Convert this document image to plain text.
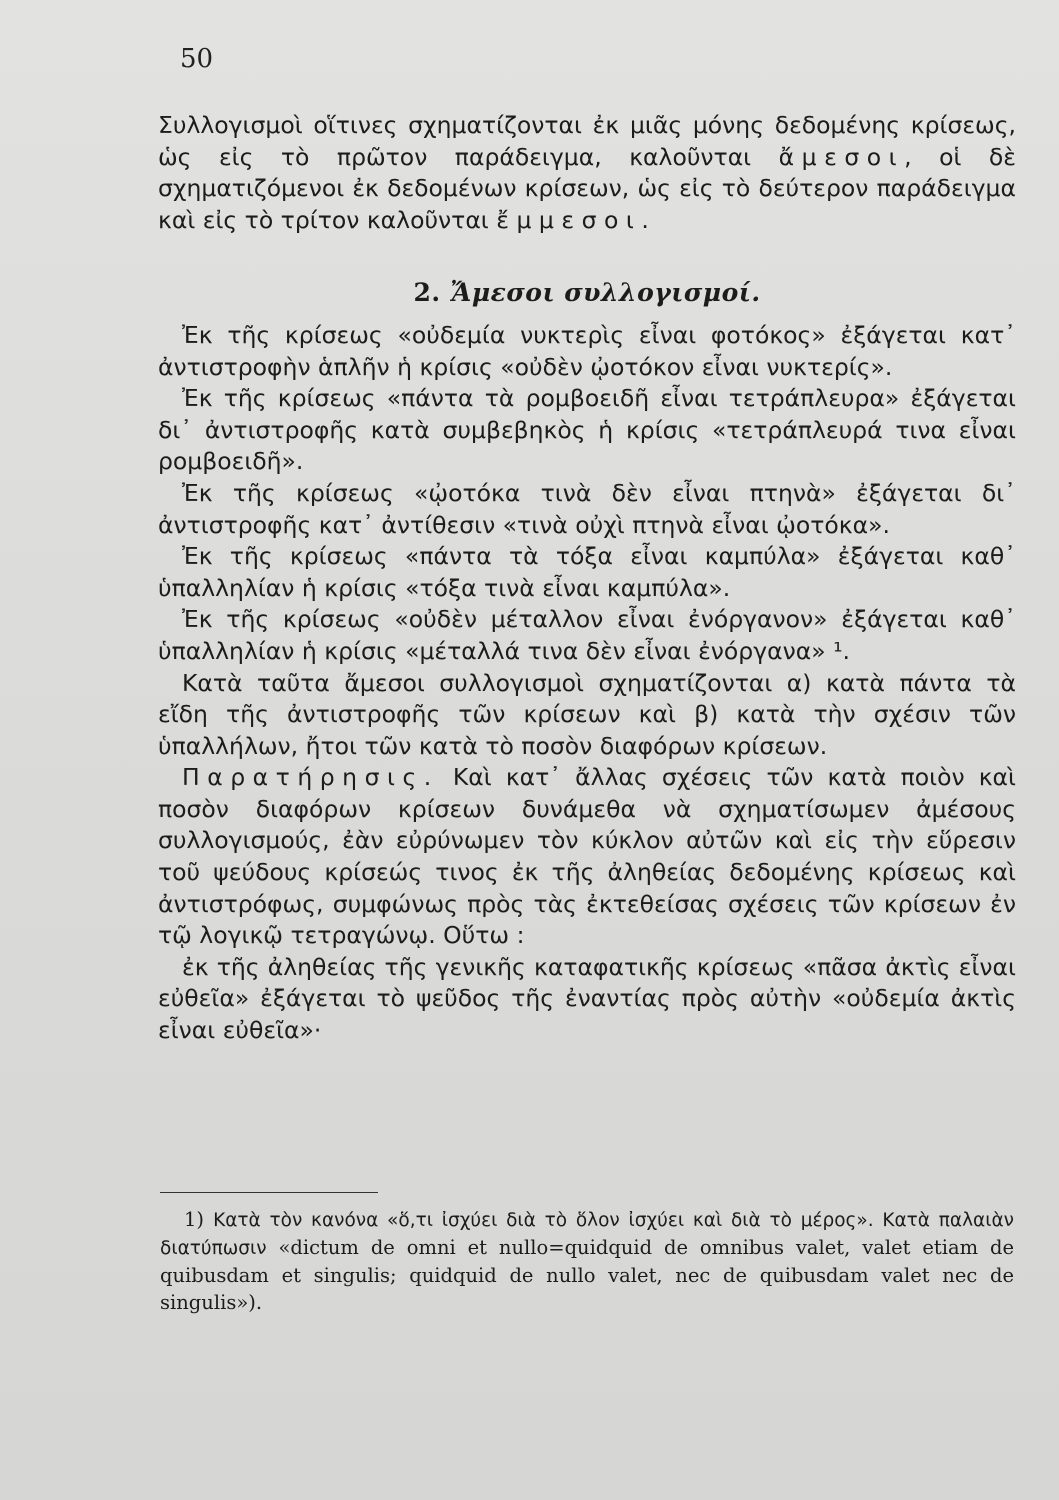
50

Συλλογισμοὶ οἵτινες σχηματίζονται ἐκ μιᾶς μόνης δεδομένης κρίσεως, ὡς εἰς τὸ πρῶτον παράδειγμα, καλοῦνται ἄμεσοι, οἱ δὲ σχηματιζόμενοι ἐκ δεδομένων κρίσεων, ὡς εἰς τὸ δεύτερον παράδειγμα καὶ εἰς τὸ τρίτον καλοῦνται ἔμμεσοι.

2. Ἄμεσοι συλλογισμοί.

Ἐκ τῆς κρίσεως «οὐδεμία νυκτερὶς εἶναι φοτόκος» ἐξάγεται κατ᾽ ἀντιστροφὴν ἁπλῆν ἡ κρίσις «οὐδὲν ᾠοτόκον εἶναι νυκτερίς».

Ἐκ τῆς κρίσεως «πάντα τὰ ρομβοειδῆ εἶναι τετράπλευρα» ἐξάγεται δι᾽ ἀντιστροφῆς κατὰ συμβεβηκὸς ἡ κρίσις «τετράπλευρά τινα εἶναι ρομβοειδῆ».

Ἐκ τῆς κρίσεως «ᾠοτόκα τινὰ δὲν εἶναι πτηνὰ» ἐξάγεται δι᾽ ἀντιστροφῆς κατ᾽ ἀντίθεσιν «τινὰ οὐχὶ πτηνὰ εἶναι ᾠοτόκα».

Ἐκ τῆς κρίσεως «πάντα τὰ τόξα εἶναι καμπύλα» ἐξάγεται καθ᾽ ὑπαλληλίαν ἡ κρίσις «τόξα τινὰ εἶναι καμπύλα».

Ἐκ τῆς κρίσεως «οὐδὲν μέταλλον εἶναι ἐνόργανον» ἐξάγεται καθ᾽ ὑπαλληλίαν ἡ κρίσις «μέταλλά τινα δὲν εἶναι ἐνόργανα» ¹.

Κατὰ ταῦτα ἄμεσοι συλλογισμοὶ σχηματίζονται α) κατὰ πάντα τὰ εἴδη τῆς ἀντιστροφῆς τῶν κρίσεων καὶ β) κατὰ τὴν σχέσιν τῶν ὑπαλλήλων, ἤτοι τῶν κατὰ τὸ ποσὸν διαφόρων κρίσεων.

Παρατήρησις. Καὶ κατ᾽ ἄλλας σχέσεις τῶν κατὰ ποιὸν καὶ ποσὸν διαφόρων κρίσεων δυνάμεθα νὰ σχηματίσωμεν ἀμέσους συλλογισμούς, ἐὰν εὐρύνωμεν τὸν κύκλον αὐτῶν καὶ εἰς τὴν εὕρεσιν τοῦ ψεύδους κρίσεώς τινος ἐκ τῆς ἀληθείας δεδομένης κρίσεως καὶ ἀντιστρόφως, συμφώνως πρὸς τὰς ἐκτεθείσας σχέσεις τῶν κρίσεων ἐν τῷ λογικῷ τετραγώνῳ. Οὕτω :

ἐκ τῆς ἀληθείας τῆς γενικῆς καταφατικῆς κρίσεως «πᾶσα ἀκτὶς εἶναι εὐθεῖα» ἐξάγεται τὸ ψεῦδος τῆς ἐναντίας πρὸς αὐτὴν «οὐδεμία ἀκτὶς εἶναι εὐθεῖα»·

1) Κατὰ τὸν κανόνα «ὅ,τι ἰσχύει διὰ τὸ ὅλον ἰσχύει καὶ διὰ τὸ μέρος». Κατὰ παλαιὰν διατύπωσιν «dictum de omni et nullo=quidquid de omnibus valet, valet etiam de quibusdam et singulis; quidquid de nullo valet, nec de quibusdam valet nec de singulis»).
